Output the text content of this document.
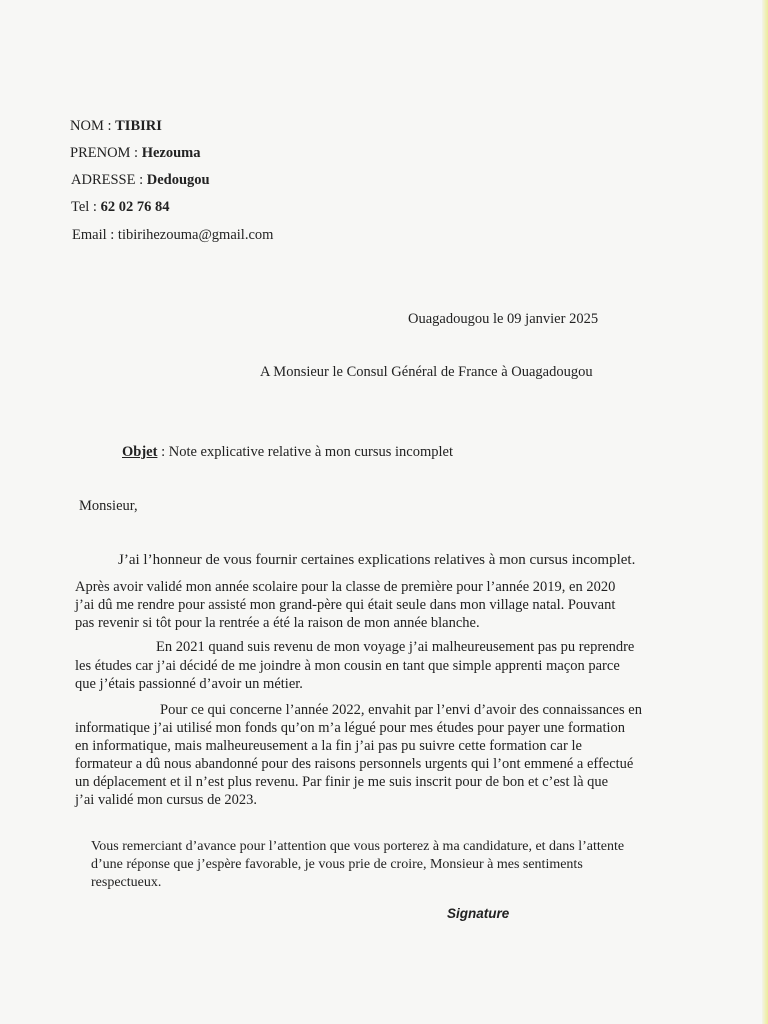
NOM : TIBIRI
PRENOM : Hezouma
ADRESSE : Dedougou
Tel : 62 02 76 84
Email : tibirihezouma@gmail.com
Ouagadougou le 09 janvier 2025
A Monsieur le Consul Général de France à Ouagadougou
Objet : Note explicative relative à mon cursus incomplet
Monsieur,
J’ai l’honneur de vous fournir certaines explications relatives à mon cursus incomplet.
Après avoir validé mon année scolaire pour la classe de première pour l’année 2019, en 2020
j’ai dû me rendre pour assisté mon grand-père qui était seule dans mon village natal. Pouvant
pas revenir si tôt pour la rentrée a été la raison de mon année blanche.
En 2021 quand suis revenu de mon voyage j’ai malheureusement pas pu reprendre
les études car j’ai décidé de me joindre à mon cousin en tant que simple apprenti maçon parce
que j’étais passionné d’avoir un métier.
Pour ce qui concerne l’année 2022, envahit par l’envi d’avoir des connaissances en
informatique j’ai utilisé mon fonds qu’on m’a légué pour mes études pour payer une formation
en informatique, mais malheureusement a la fin j’ai pas pu suivre cette formation car le
formateur a dû nous abandonné pour des raisons personnels urgents qui l’ont emmené a effectué
un déplacement et il n’est plus revenu. Par finir je me suis inscrit pour de bon et c’est là que
j’ai validé mon cursus de 2023.
Vous remerciant d’avance pour l’attention que vous porterez à ma candidature, et dans l’attente
d’une réponse que j’espère favorable, je vous prie de croire, Monsieur à mes sentiments
respectueux.
Signature
